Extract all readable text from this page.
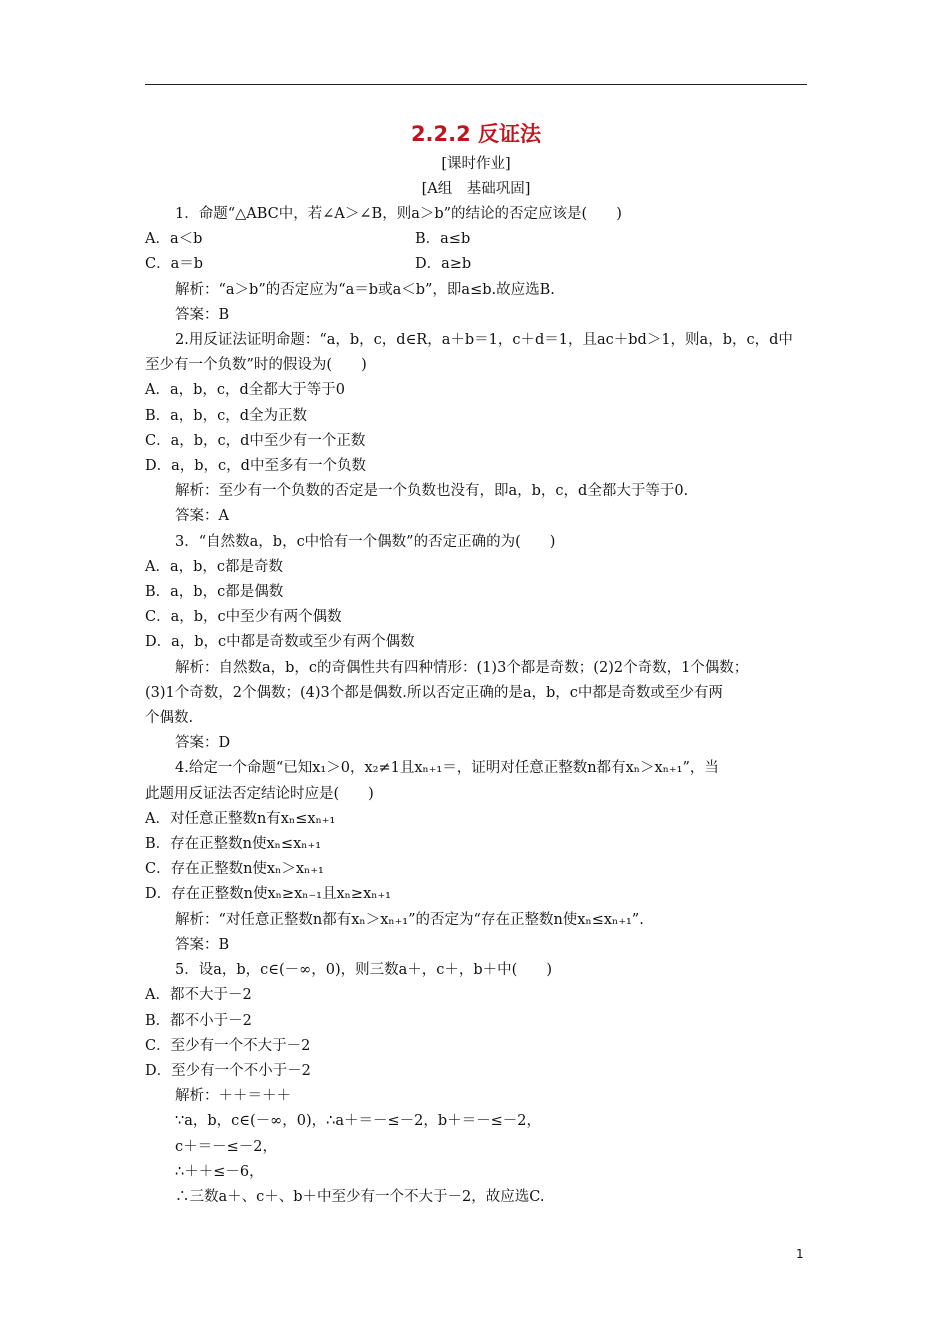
2.2.2 反证法
[课时作业]
[A组　基础巩固]
1．命题“△ABC中，若∠A＞∠B，则a＞b”的结论的否定应该是(　　)
A．a＜b	B．a≤b
C．a＝b	D．a≥b
解析：“a＞b”的否定应为“a＝b或a＜b”，即a≤b.故应选B.
答案：B
2.用反证法证明命题：“a，b，c，d∈R，a＋b＝1，c＋d＝1，且ac＋bd＞1，则a，b，c，d中
至少有一个负数”时的假设为(　　)
A．a，b，c，d全都大于等于0
B．a，b，c，d全为正数
C．a，b，c，d中至少有一个正数
D．a，b，c，d中至多有一个负数
解析：至少有一个负数的否定是一个负数也没有，即a，b，c，d全都大于等于0.
答案：A
3．“自然数a，b，c中恰有一个偶数”的否定正确的为(　　)
A．a，b，c都是奇数
B．a，b，c都是偶数
C．a，b，c中至少有两个偶数
D．a，b，c中都是奇数或至少有两个偶数
解析：自然数a，b，c的奇偶性共有四种情形：(1)3个都是奇数；(2)2个奇数，1个偶数；
(3)1个奇数，2个偶数；(4)3个都是偶数.所以否定正确的是a，b，c中都是奇数或至少有两
个偶数.
答案：D
4.给定一个命题“已知x₁＞0，x₂≠1且xₙ₊₁＝，证明对任意正整数n都有xₙ＞xₙ₊₁”，当
此题用反证法否定结论时应是(　　)
A．对任意正整数n有xₙ≤xₙ₊₁
B．存在正整数n使xₙ≤xₙ₊₁
C．存在正整数n使xₙ＞xₙ₊₁
D．存在正整数n使xₙ≥xₙ₋₁且xₙ≥xₙ₊₁
解析：“对任意正整数n都有xₙ＞xₙ₊₁”的否定为“存在正整数n使xₙ≤xₙ₊₁”.
答案：B
5．设a，b，c∈(－∞，0)，则三数a＋，c＋，b＋中(　　)
A．都不大于－2
B．都不小于－2
C．至少有一个不大于－2
D．至少有一个不小于－2
解析：＋＋＝＋＋
∵a，b，c∈(－∞，0)，∴a＋＝－≤－2，b＋＝－≤－2，
c＋＝－≤－2，
∴＋＋≤－6，
∴三数a＋、c＋、b＋中至少有一个不大于－2，故应选C.
1
